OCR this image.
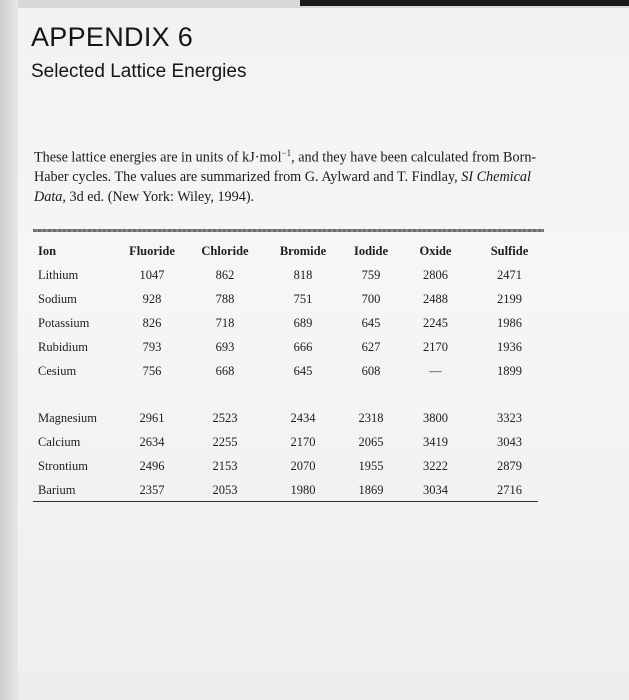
APPENDIX 6
Selected Lattice Energies
These lattice energies are in units of kJ·mol$^{-1}$, and they have been calculated from Born-Haber cycles. The values are summarized from G. Aylward and T. Findlay, SI Chemical Data, 3d ed. (New York: Wiley, 1994).
Ion	Fluoride	Chloride	Bromide	Iodide	Oxide	Sulfide
Lithium	1047	862	818	759	2806	2471
Sodium	928	788	751	700	2488	2199
Potassium	826	718	689	645	2245	1986
Rubidium	793	693	666	627	2170	1936
Cesium	756	668	645	608	—	1899

Magnesium	2961	2523	2434	2318	3800	3323
Calcium	2634	2255	2170	2065	3419	3043
Strontium	2496	2153	2070	1955	3222	2879
Barium	2357	2053	1980	1869	3034	2716
